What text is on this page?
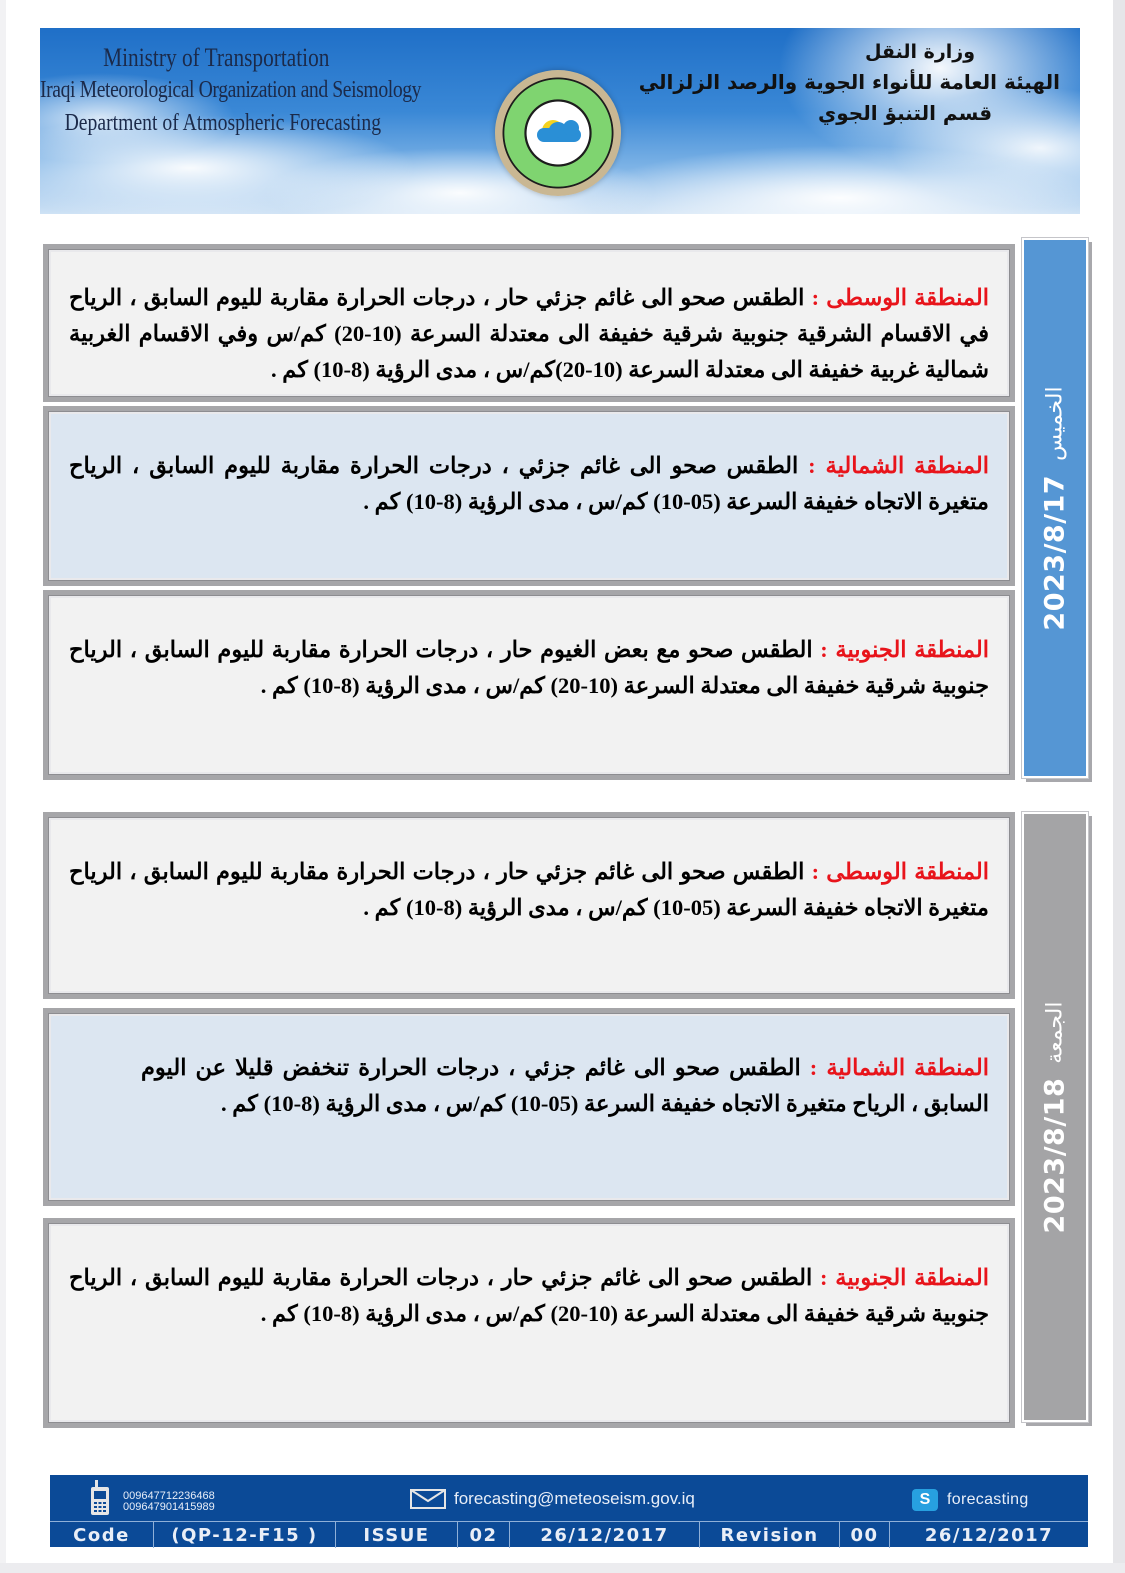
Ministry of Transportation
Iraqi Meteorological Organization and Seismology
Department of Atmospheric Forecasting
وزارة النقل
الهيئة العامة للأنواء الجوية والرصد الزلزالي
قسم التنبؤ الجوي
2023/8/17
الخميس
المنطقة الوسطى : الطقس صحو الى غائم جزئي حار ، درجات الحرارة مقاربة لليوم السابق ، الرياح في الاقسام الشرقية جنوبية شرقية خفيفة الى معتدلة السرعة (10-20) كم/س وفي الاقسام الغربية شمالية غربية خفيفة الى معتدلة السرعة (10-20)كم/س ، مدى الرؤية (8-10) كم .
المنطقة الشمالية : الطقس صحو الى غائم جزئي ، درجات الحرارة مقاربة لليوم السابق ، الرياح متغيرة الاتجاه خفيفة السرعة (05-10) كم/س ، مدى الرؤية (8-10) كم .
المنطقة الجنوبية : الطقس صحو مع بعض الغيوم حار ، درجات الحرارة مقاربة لليوم السابق ، الرياح جنوبية شرقية خفيفة الى معتدلة السرعة (10-20) كم/س ، مدى الرؤية (8-10) كم .
2023/8/18
الجمعة
المنطقة الوسطى : الطقس صحو الى غائم جزئي حار ، درجات الحرارة مقاربة لليوم السابق ، الرياح متغيرة الاتجاه خفيفة السرعة (05-10) كم/س ، مدى الرؤية (8-10) كم .
المنطقة الشمالية : الطقس صحو الى غائم جزئي ، درجات الحرارة تنخفض قليلا عن اليوم السابق ، الرياح متغيرة الاتجاه خفيفة السرعة (05-10) كم/س ، مدى الرؤية (8-10) كم .
المنطقة الجنوبية : الطقس صحو الى غائم جزئي حار ، درجات الحرارة مقاربة لليوم السابق ، الرياح جنوبية شرقية خفيفة الى معتدلة السرعة (10-20) كم/س ، مدى الرؤية (8-10) كم .
009647712236468
009647901415989	forecasting@meteoseism.gov.iq	S	forecasting
Code	(QP-12-F15 )	ISSUE	02	26/12/2017	Revision	00	26/12/2017
